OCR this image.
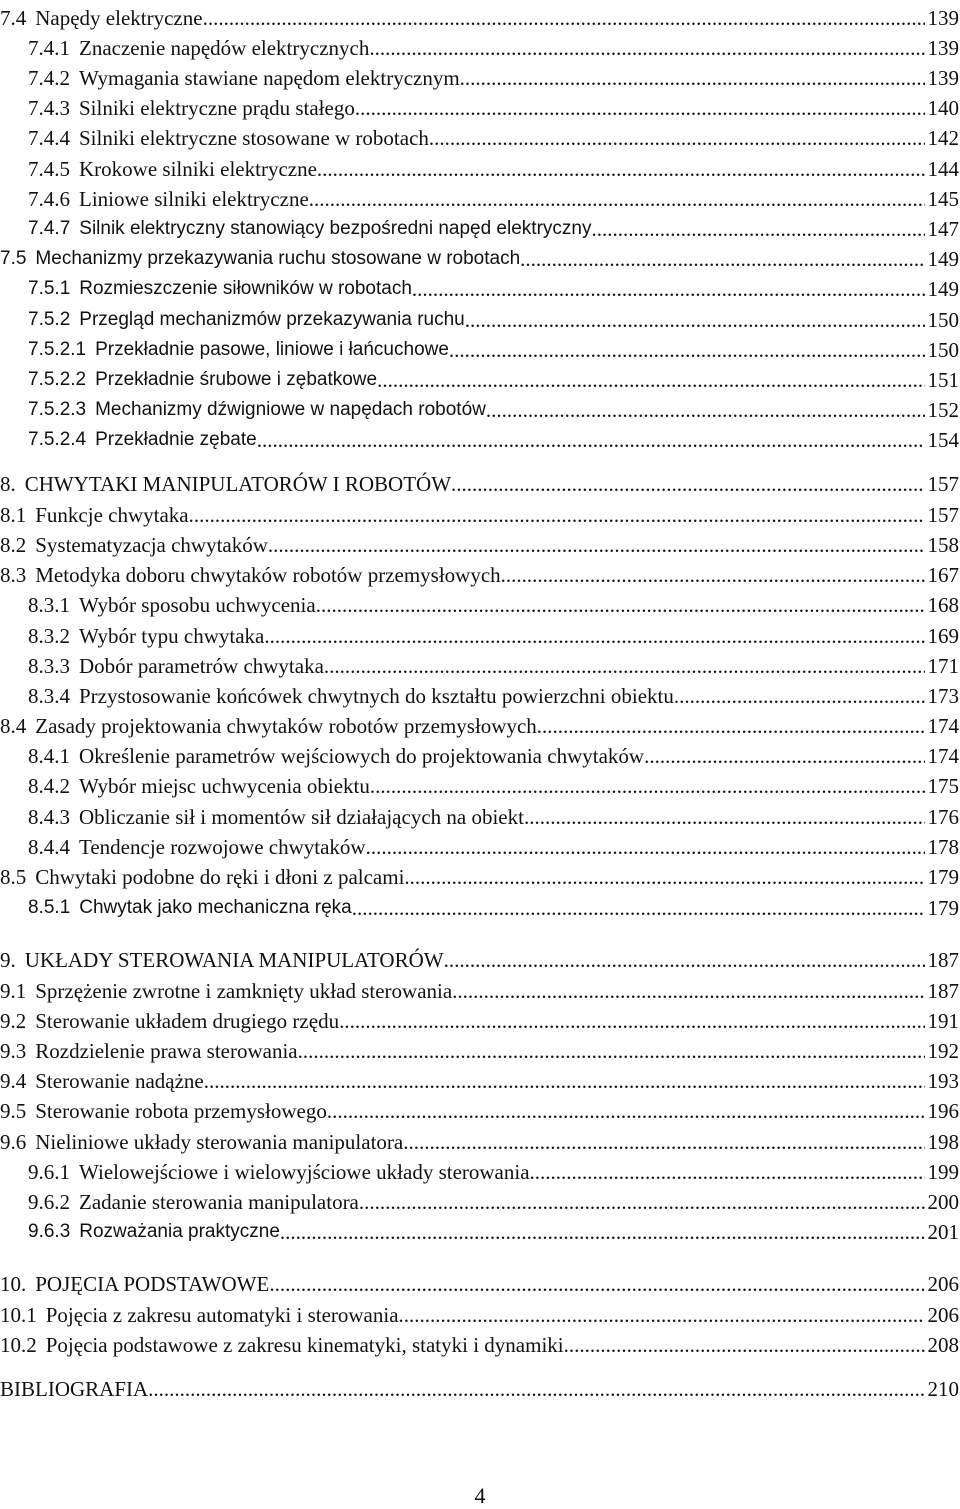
7.4 Napędy elektryczne .....	139
7.4.1 Znaczenie napędów elektrycznych .....	139
7.4.2 Wymagania stawiane napędom elektrycznym .....	139
7.4.3 Silniki elektryczne prądu stałego .....	140
7.4.4 Silniki elektryczne stosowane w robotach .....	142
7.4.5 Krokowe silniki elektryczne .....	144
7.4.6 Liniowe silniki elektryczne .....	145
7.4.7 Silnik elektryczny stanowiący bezpośredni napęd elektryczny .....	147
7.5 Mechanizmy przekazywania ruchu stosowane w robotach .....	149
7.5.1 Rozmieszczenie siłowników w robotach .....	149
7.5.2 Przegląd mechanizmów przekazywania ruchu .....	150
7.5.2.1 Przekładnie pasowe, liniowe i łańcuchowe .....	150
7.5.2.2 Przekładnie śrubowe i zębatkowe .....	151
7.5.2.3 Mechanizmy dźwigniowe w napędach robotów .....	152
7.5.2.4 Przekładnie zębate .....	154
8. CHWYTAKI MANIPULATORÓW I ROBOTÓW .....	157
8.1 Funkcje chwytaka .....	157
8.2 Systematyzacja chwytaków .....	158
8.3 Metodyka doboru chwytaków robotów przemysłowych .....	167
8.3.1 Wybór sposobu uchwycenia .....	168
8.3.2 Wybór typu chwytaka .....	169
8.3.3 Dobór parametrów chwytaka .....	171
8.3.4 Przystosowanie końcówek chwytnych do kształtu powierzchni obiektu .....	173
8.4 Zasady projektowania chwytaków robotów przemysłowych .....	174
8.4.1 Określenie parametrów wejściowych do projektowania chwytaków .....	174
8.4.2 Wybór miejsc uchwycenia obiektu .....	175
8.4.3 Obliczanie sił i momentów sił działających na obiekt .....	176
8.4.4 Tendencje rozwojowe chwytaków .....	178
8.5 Chwytaki podobne do ręki i dłoni z palcami .....	179
8.5.1 Chwytak jako mechaniczna ręka .....	179
9. UKŁADY STEROWANIA MANIPULATORÓW .....	187
9.1 Sprzężenie zwrotne i zamknięty układ sterowania .....	187
9.2 Sterowanie układem drugiego rzędu .....	191
9.3 Rozdzielenie prawa sterowania .....	192
9.4 Sterowanie nadążne .....	193
9.5 Sterowanie robota przemysłowego .....	196
9.6 Nieliniowe układy sterowania manipulatora .....	198
9.6.1 Wielowejściowe i wielowyjściowe układy sterowania .....	199
9.6.2 Zadanie sterowania manipulatora .....	200
9.6.3 Rozważania praktyczne .....	201
10. POJĘCIA PODSTAWOWE .....	206
10.1 Pojęcia z zakresu automatyki i sterowania .....	206
10.2 Pojęcia podstawowe z zakresu kinematyki, statyki i dynamiki .....	208
BIBLIOGRAFIA .....	210
4
